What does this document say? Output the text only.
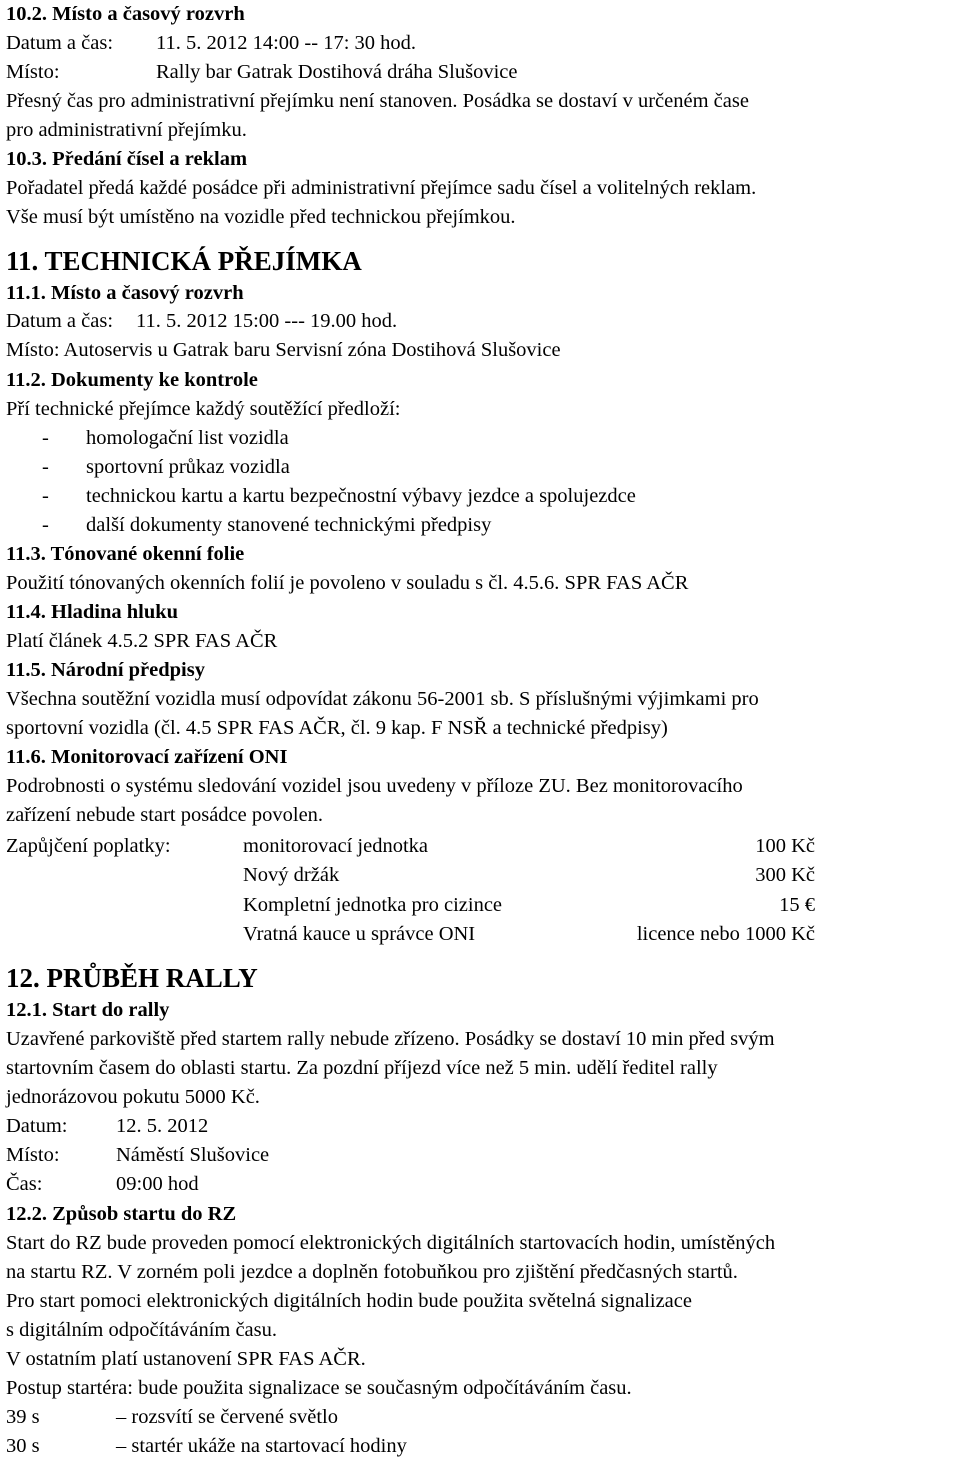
10.2. Místo a časový rozvrh
Datum a čas: 11. 5. 2012 14:00 -- 17: 30 hod.
Místo:	Rally bar Gatrak Dostihová dráha Slušovice
Přesný čas pro administrativní přejímku není stanoven. Posádka se dostaví v určeném čase
pro administrativní přejímku.
10.3. Předání čísel a reklam
Pořadatel předá každé posádce při administrativní přejímce sadu čísel a volitelných reklam.
Vše musí být umístěno na vozidle před technickou přejímkou.
11. TECHNICKÁ PŘEJÍMKA
11.1. Místo a časový rozvrh
Datum a čas: 11. 5. 2012 15:00 --- 19.00 hod.
Místo: Autoservis u Gatrak baru Servisní zóna Dostihová Slušovice
11.2. Dokumenty ke kontrole
Pří technické přejímce každý soutěžící předloží:
- homologační list vozidla
- sportovní průkaz vozidla
- technickou kartu a kartu bezpečnostní výbavy jezdce a spolujezdce
- další dokumenty stanovené technickými předpisy
11.3. Tónované okenní folie
Použití tónovaných okenních folií je povoleno v souladu s čl. 4.5.6. SPR FAS AČR
11.4. Hladina hluku
Platí článek 4.5.2 SPR FAS AČR
11.5. Národní předpisy
Všechna soutěžní vozidla musí odpovídat zákonu 56-2001 sb. S příslušnými výjimkami pro
sportovní vozidla (čl. 4.5 SPR FAS AČR, čl. 9 kap. F NSŘ a technické předpisy)
11.6. Monitorovací zařízení ONI
Podrobnosti o systému sledování vozidel jsou uvedeny v příloze ZU. Bez monitorovacího
zařízení nebude start posádce povolen.
Zapůjčení poplatky:	monitorovací jednotka	100 Kč
Nový držák	300 Kč
Kompletní jednotka pro cizince	15 €
Vratná kauce u správce ONI	licence nebo 1000 Kč
12. PRŮBĚH RALLY
12.1. Start do rally
Uzavřené parkoviště před startem rally nebude zřízeno. Posádky se dostaví 10 min před svým
startovním časem do oblasti startu. Za pozdní příjezd více než 5 min. udělí ředitel rally
jednorázovou pokutu 5000 Kč.
Datum: 12. 5. 2012
Místo:	Náměstí Slušovice
Čas:	09:00 hod
12.2. Způsob startu do RZ
Start do RZ bude proveden pomocí elektronických digitálních startovacích hodin, umístěných
na startu RZ. V zorném poli jezdce a doplněn fotobuňkou pro zjištění předčasných startů.
Pro start pomoci elektronických digitálních hodin bude použita světelná signalizace
s digitálním odpočítáváním času.
V ostatním platí ustanovení SPR FAS AČR.
Postup startéra: bude použita signalizace se současným odpočítáváním času.
39 s	– rozsvítí se červené světlo
30 s	– startér ukáže na startovací hodiny
